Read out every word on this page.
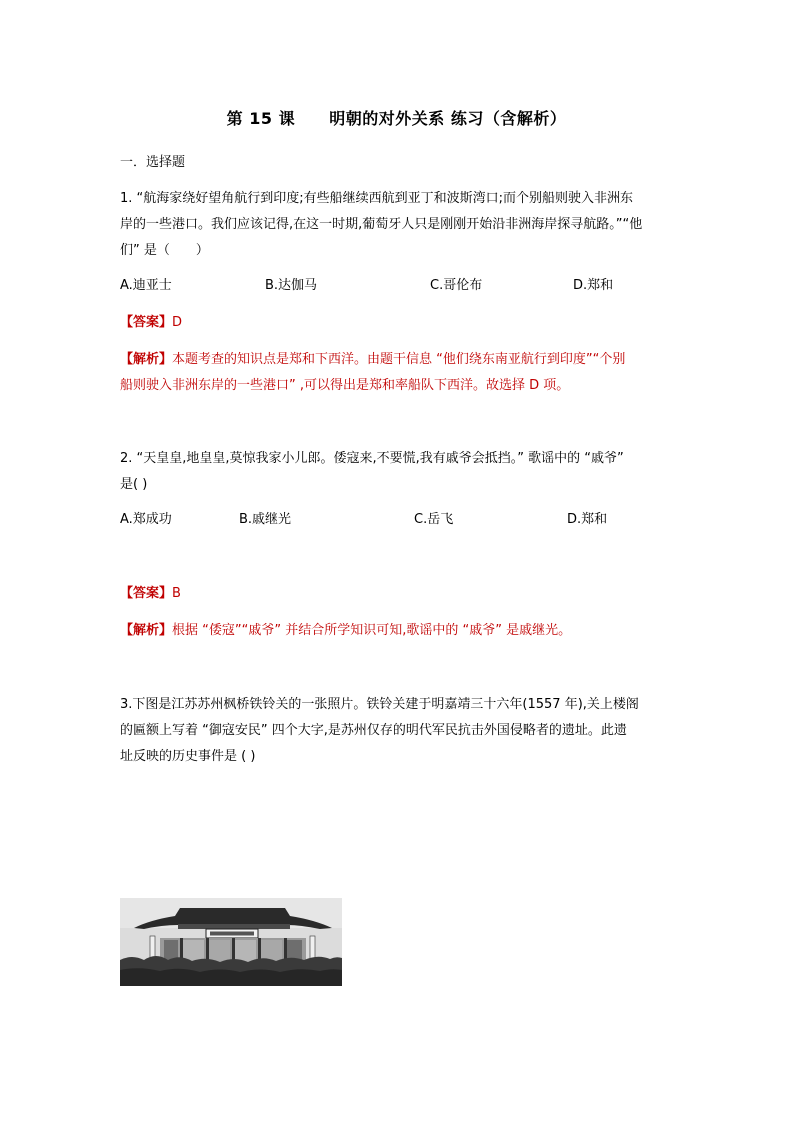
第 15 课 明朝的对外关系 练习（含解析）
一．选择题
1. “航海家绕好望角航行到印度;有些船继续西航到亚丁和波斯湾口;而个别船则驶入非洲东
岸的一些港口。我们应该记得,在这一时期,葡萄牙人只是刚刚开始沿非洲海岸探寻航路。”“他
们” 是（　　）
A.迪亚士	B.达伽马	C.哥伦布	D.郑和
【答案】D
【解析】本题考查的知识点是郑和下西洋。由题干信息 “他们绕东南亚航行到印度”“个别
船则驶入非洲东岸的一些港口” ,可以得出是郑和率船队下西洋。故选择 D 项。
2. “天皇皇,地皇皇,莫惊我家小儿郎。倭寇来,不要慌,我有戚爷会抵挡。” 歌谣中的 “戚爷”
是( )
A.郑成功	B.戚继光	C.岳飞	D.郑和
【答案】B
【解析】根据 “倭寇”“戚爷” 并结合所学知识可知,歌谣中的 “戚爷” 是戚继光。
3.下图是江苏苏州枫桥铁铃关的一张照片。铁铃关建于明嘉靖三十六年(1557 年),关上楼阁
的匾额上写着 “御寇安民” 四个大字,是苏州仅存的明代军民抗击外国侵略者的遗址。此遗
址反映的历史事件是 ( )
